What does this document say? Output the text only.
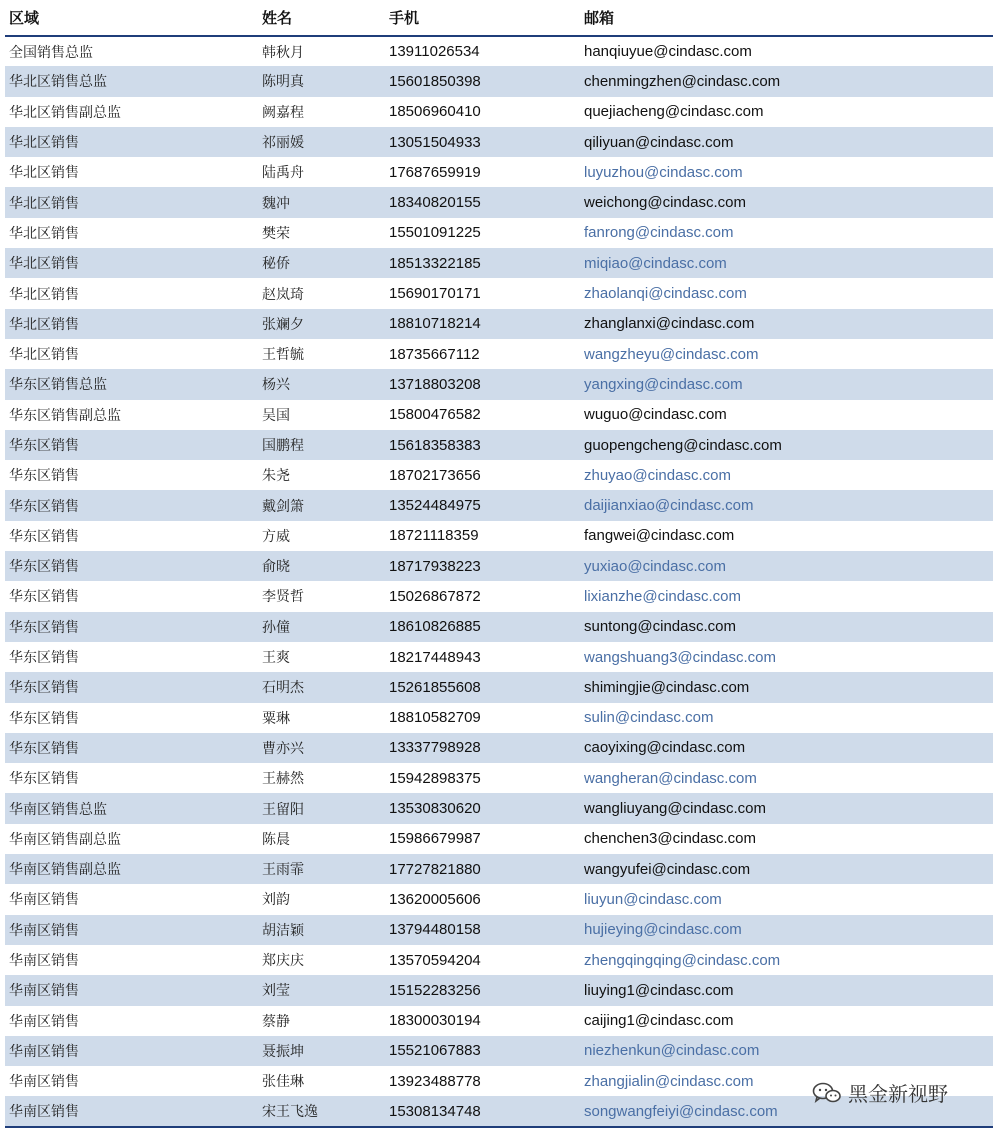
区域	姓名	手机	邮箱
全国销售总监	韩秋月	13911026534	hanqiuyue@cindasc.com
华北区销售总监	陈明真	15601850398	chenmingzhen@cindasc.com
华北区销售副总监	阙嘉程	18506960410	quejiacheng@cindasc.com
华北区销售	祁丽媛	13051504933	qiliyuan@cindasc.com
华北区销售	陆禹舟	17687659919	luyuzhou@cindasc.com
华北区销售	魏冲	18340820155	weichong@cindasc.com
华北区销售	樊荣	15501091225	fanrong@cindasc.com
华北区销售	秘侨	18513322185	miqiao@cindasc.com
华北区销售	赵岚琦	15690170171	zhaolanqi@cindasc.com
华北区销售	张斓夕	18810718214	zhanglanxi@cindasc.com
华北区销售	王哲毓	18735667112	wangzheyu@cindasc.com
华东区销售总监	杨兴	13718803208	yangxing@cindasc.com
华东区销售副总监	吴国	15800476582	wuguo@cindasc.com
华东区销售	国鹏程	15618358383	guopengcheng@cindasc.com
华东区销售	朱尧	18702173656	zhuyao@cindasc.com
华东区销售	戴剑箫	13524484975	daijianxiao@cindasc.com
华东区销售	方威	18721118359	fangwei@cindasc.com
华东区销售	俞晓	18717938223	yuxiao@cindasc.com
华东区销售	李贤哲	15026867872	lixianzhe@cindasc.com
华东区销售	孙僮	18610826885	suntong@cindasc.com
华东区销售	王爽	18217448943	wangshuang3@cindasc.com
华东区销售	石明杰	15261855608	shimingjie@cindasc.com
华东区销售	粟琳	18810582709	sulin@cindasc.com
华东区销售	曹亦兴	13337798928	caoyixing@cindasc.com
华东区销售	王赫然	15942898375	wangheran@cindasc.com
华南区销售总监	王留阳	13530830620	wangliuyang@cindasc.com
华南区销售副总监	陈晨	15986679987	chenchen3@cindasc.com
华南区销售副总监	王雨霏	17727821880	wangyufei@cindasc.com
华南区销售	刘韵	13620005606	liuyun@cindasc.com
华南区销售	胡洁颖	13794480158	hujieying@cindasc.com
华南区销售	郑庆庆	13570594204	zhengqingqing@cindasc.com
华南区销售	刘莹	15152283256	liuying1@cindasc.com
华南区销售	蔡静	18300030194	caijing1@cindasc.com
华南区销售	聂振坤	15521067883	niezhenkun@cindasc.com
华南区销售	张佳琳	13923488778	zhangjialin@cindasc.com
华南区销售	宋王飞逸	15308134748	songwangfeiyi@cindasc.com
黑金新视野
